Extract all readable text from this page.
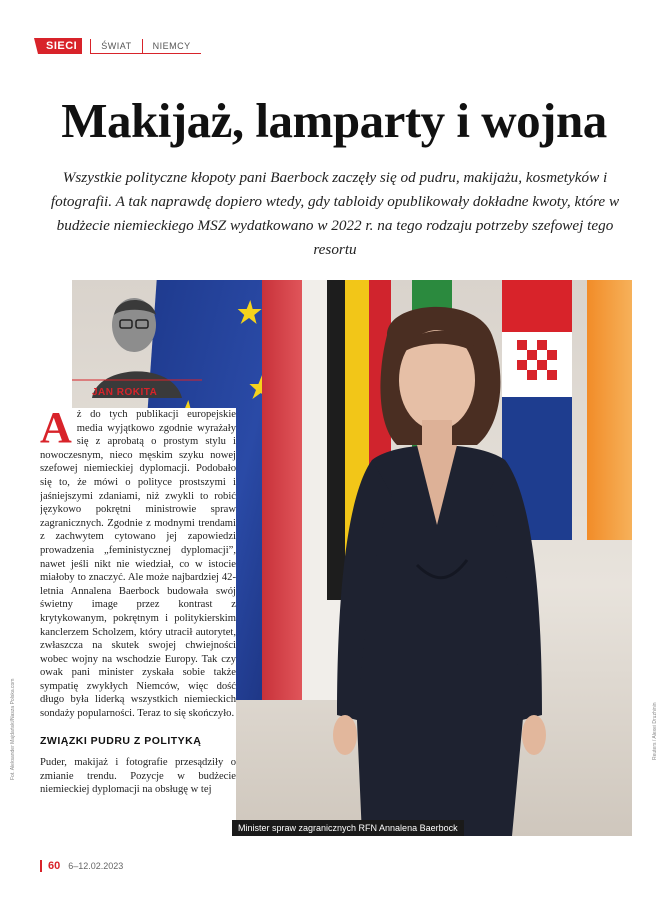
SIECI	ŚWIAT	NIEMCY
Makijaż, lamparty i wojna
Wszystkie polityczne kłopoty pani Baerbock zaczęły się od pudru, makijażu, kosmetyków i fotografii. A tak naprawdę dopiero wtedy, gdy tabloidy opublikowały dokładne kwoty, które w budżecie niemieckiego MSZ wydatkowano w 2022 r. na tego rodzaju potrzeby szefowej tego resortu
JAN ROKITA

Aż do tych publikacji europejskie media wyjątkowo zgodnie wyrażały się z aprobatą o prostym stylu i nowoczesnym, nieco męskim szyku nowej szefowej niemieckiej dyplomacji. Podobało się to, że mówi o polityce prostszymi i jaśniejszymi zdaniami, niż zwykli to robić językowo pokrętni ministrowie spraw zagranicznych. Zgodnie z modnymi trendami z zachwytem cytowano jej zapowiedzi prowadzenia „feministycznej dyplomacji”, nawet jeśli nikt nie wiedział, co w istocie miałoby to znaczyć. Ale może najbardziej 42-letnia Annalena Baerbock budowała swój świetny image przez kontrast z krytykowanym, pokrętnym i politykierskim kanclerzem Scholzem, który utracił autorytet, zwłaszcza na skutek swojej chwiejności wobec wojny na wschodzie Europy. Tak czy owak pani minister zyskała sobie także sympatię zwykłych Niemców, więc dość długo była liderką wszystkich niemieckich sondaży popularności. Teraz to się skończyło.

ZWIĄZKI PUDRU Z POLITYKĄ

Puder, makijaż i fotografie przesądziły o zmianie trendu. Pozycje w budżecie niemieckiej dyplomacji na obsługę w tej

Minister spraw zagranicznych RFN Annalena Baerbock
Fot. Aleksander Majdański/Nasza Polska.com	Reuters / Alexei Druzhinin
60 6–12.02.2023
